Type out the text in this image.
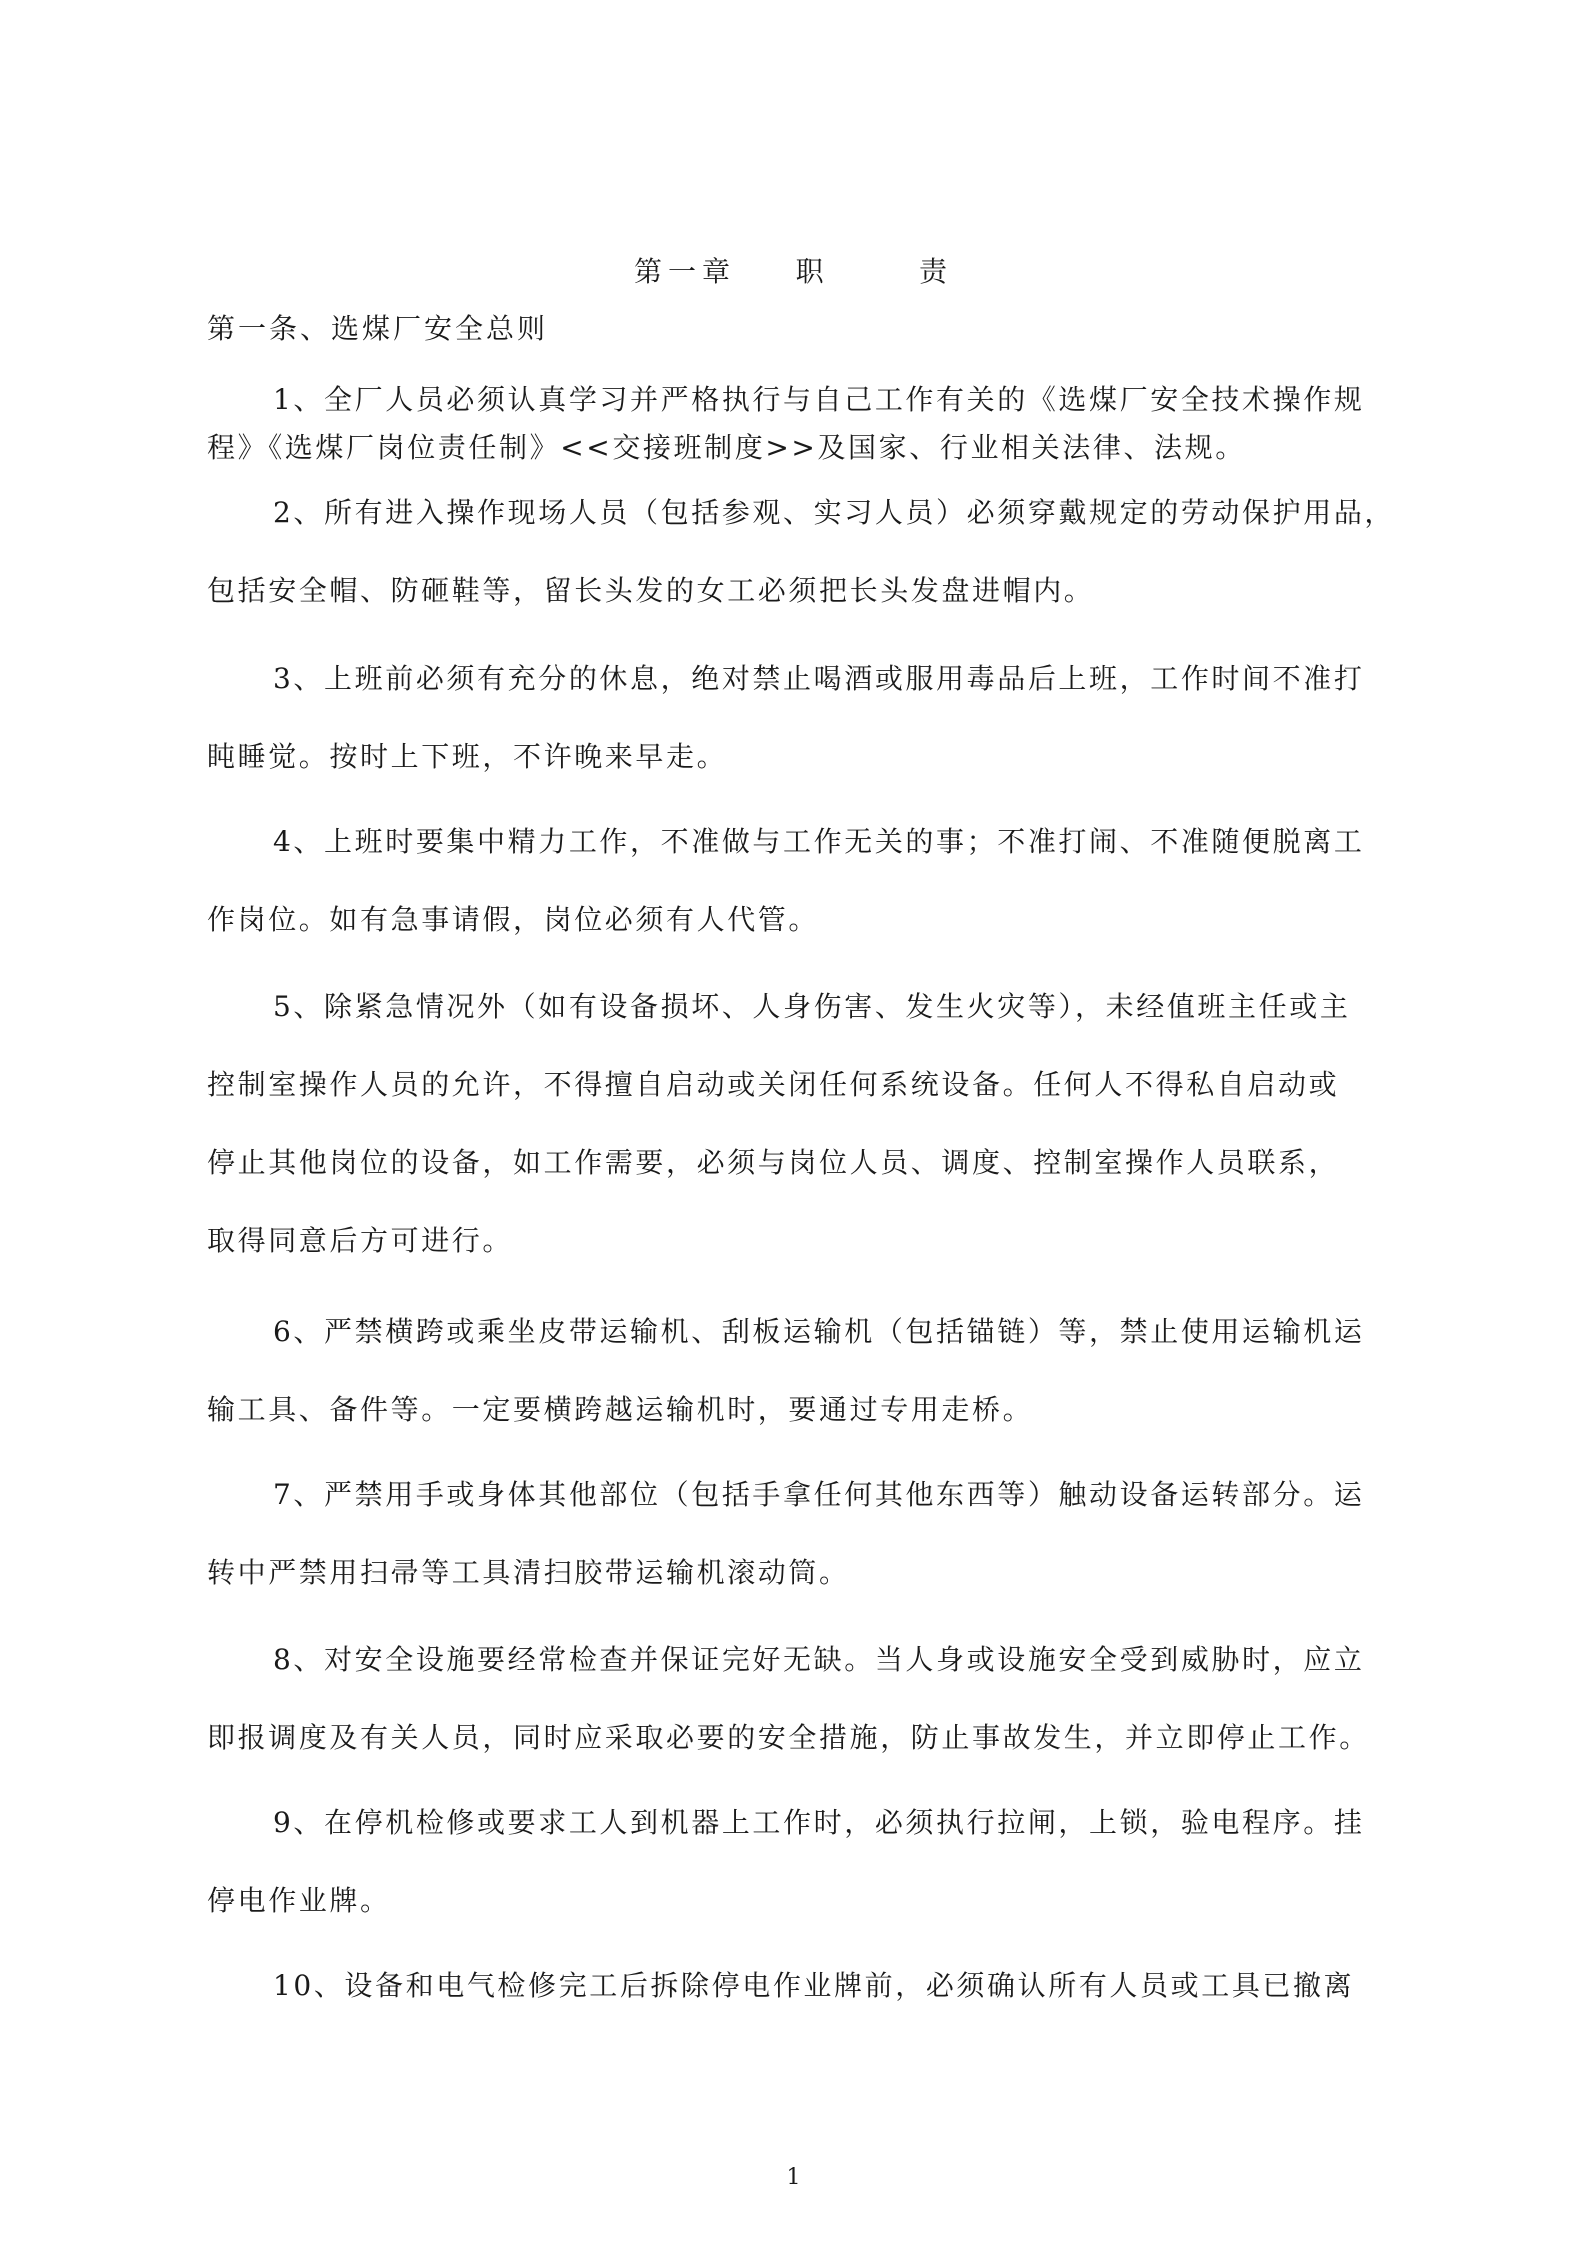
第一章    职      责
第一条、选煤厂安全总则
1、全厂人员必须认真学习并严格执行与自己工作有关的《选煤厂安全技术操作规
程》《选煤厂岗位责任制》<<交接班制度>>及国家、行业相关法律、法规。
2、所有进入操作现场人员（包括参观、实习人员）必须穿戴规定的劳动保护用品，
包括安全帽、防砸鞋等，留长头发的女工必须把长头发盘进帽内。
3、上班前必须有充分的休息，绝对禁止喝酒或服用毒品后上班，工作时间不准打
盹睡觉。按时上下班，不许晚来早走。
4、上班时要集中精力工作，不准做与工作无关的事；不准打闹、不准随便脱离工
作岗位。如有急事请假，岗位必须有人代管。
5、除紧急情况外（如有设备损坏、人身伤害、发生火灾等），未经值班主任或主
控制室操作人员的允许，不得擅自启动或关闭任何系统设备。任何人不得私自启动或
停止其他岗位的设备，如工作需要，必须与岗位人员、调度、控制室操作人员联系，
取得同意后方可进行。
6、严禁横跨或乘坐皮带运输机、刮板运输机（包括锚链）等，禁止使用运输机运
输工具、备件等。一定要横跨越运输机时，要通过专用走桥。
7、严禁用手或身体其他部位（包括手拿任何其他东西等）触动设备运转部分。运
转中严禁用扫帚等工具清扫胶带运输机滚动筒。
8、对安全设施要经常检查并保证完好无缺。当人身或设施安全受到威胁时，应立
即报调度及有关人员，同时应采取必要的安全措施，防止事故发生，并立即停止工作。
9、在停机检修或要求工人到机器上工作时，必须执行拉闸，上锁，验电程序。挂
停电作业牌。
10、设备和电气检修完工后拆除停电作业牌前，必须确认所有人员或工具已撤离
1
